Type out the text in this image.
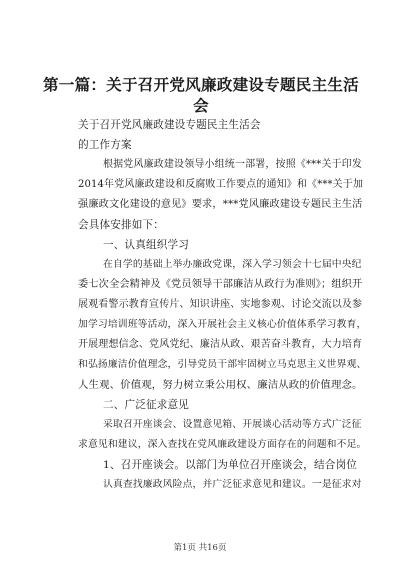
第一篇：关于召开党风廉政建设专题民主生活会
关于召开党风廉政建设专题民主生活会
的工作方案
根据党风廉政建设领导小组统一部署，按照《***关于印发
2014年党风廉政建设和反腐败工作要点的通知》和《***关于加
强廉政文化建设的意见》要求，***党风廉政建设专题民主生活
会具体安排如下：
一、认真组织学习
在自学的基础上举办廉政党课，深入学习领会十七届中央纪
委七次全会精神及《党员领导干部廉洁从政行为准则》；组织开
展观看警示教育宣传片、知识讲座、实地参观、讨论交流以及参
加学习培训班等活动，深入开展社会主义核心价值体系学习教育，
开展理想信念、党风党纪、廉洁从政、艰苦奋斗教育，大力培育
和弘扬廉洁价值理念，引导党员干部牢固树立马克思主义世界观、
人生观、价值观，努力树立秉公用权、廉洁从政的价值理念。
二、广泛征求意见
采取召开座谈会、设置意见箱、开展谈心活动等方式广泛征
求意见和建议，深入查找在党风廉政建设方面存在的问题和不足。
1、召开座谈会。以部门为单位召开座谈会，结合岗位
认真查找廉政风险点，并广泛征求意见和建议。一是征求对
第1页 共16页
